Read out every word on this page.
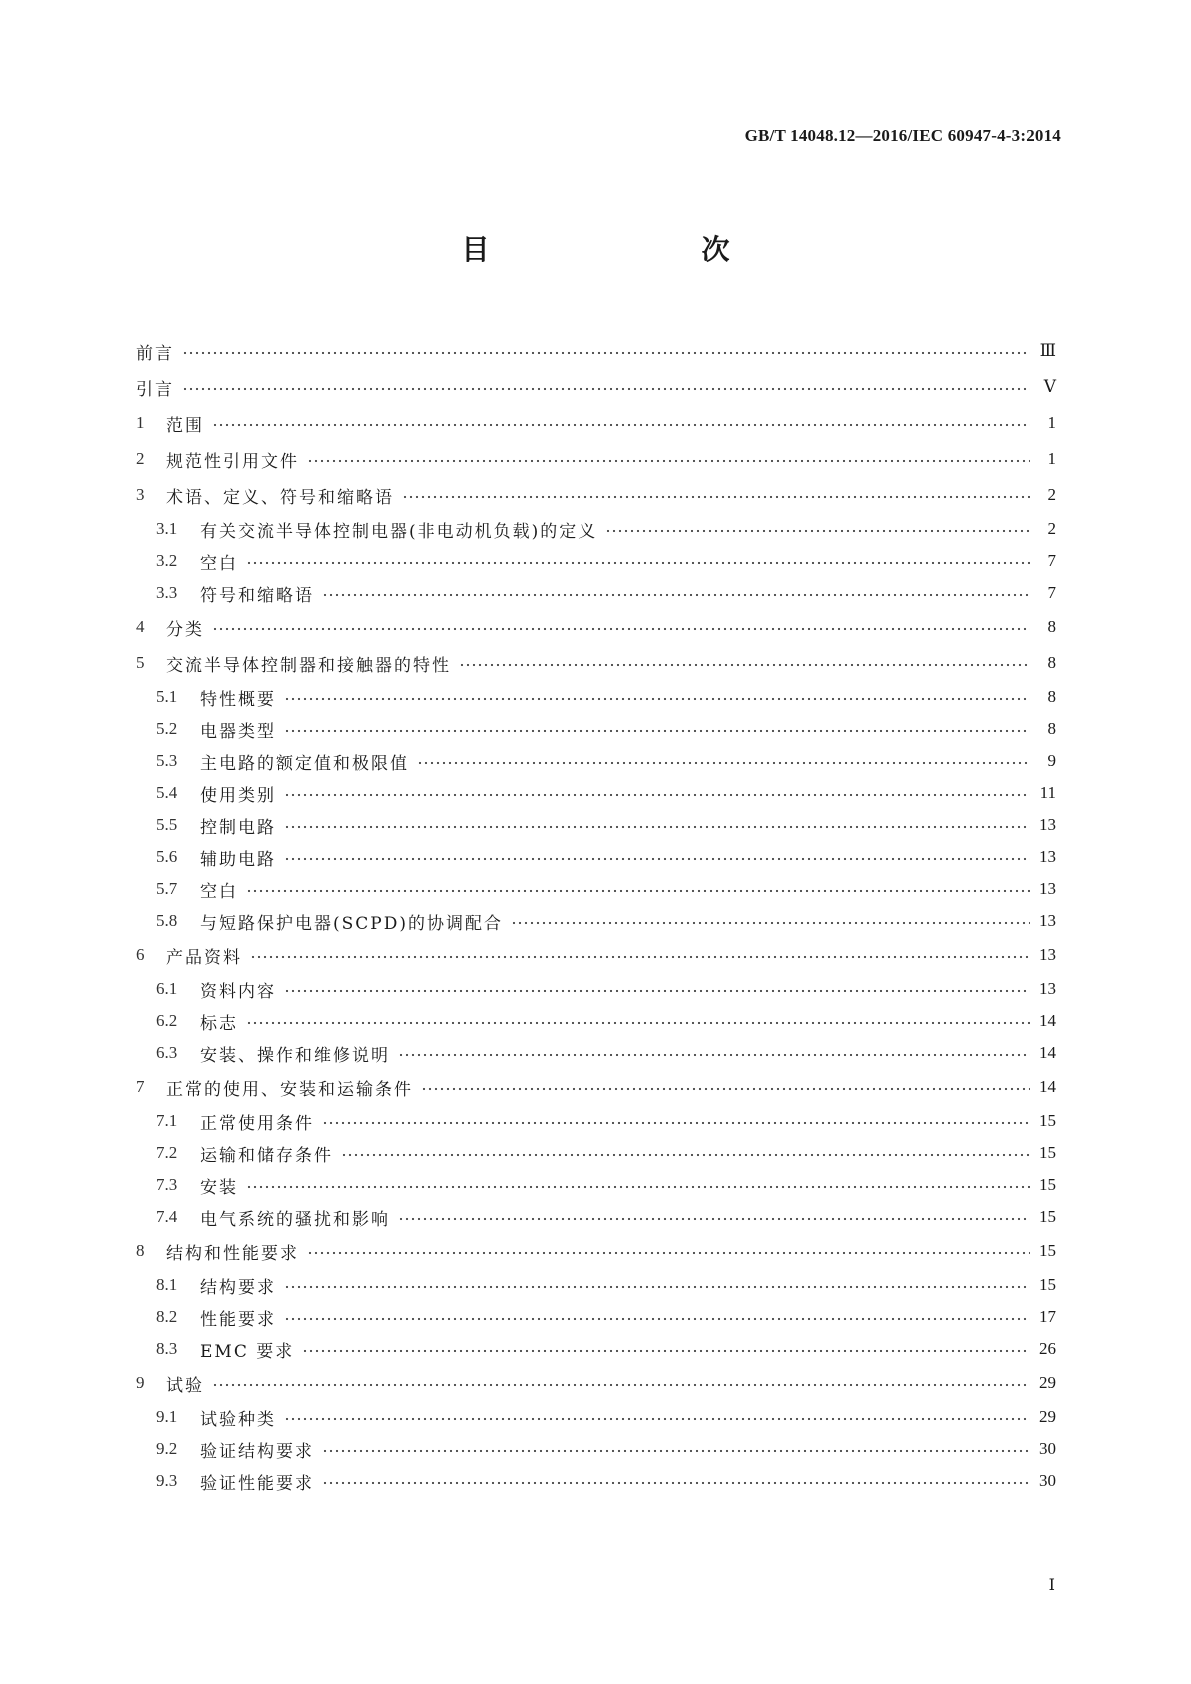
GB/T 14048.12—2016/IEC 60947-4-3:2014
目　　次
前言	Ⅲ
引言	Ⅴ
1	范围	1
2	规范性引用文件	1
3	术语、定义、符号和缩略语	2
3.1	有关交流半导体控制电器(非电动机负载)的定义	2
3.2	空白	7
3.3	符号和缩略语	7
4	分类	8
5	交流半导体控制器和接触器的特性	8
5.1	特性概要	8
5.2	电器类型	8
5.3	主电路的额定值和极限值	9
5.4	使用类别	11
5.5	控制电路	13
5.6	辅助电路	13
5.7	空白	13
5.8	与短路保护电器(SCPD)的协调配合	13
6	产品资料	13
6.1	资料内容	13
6.2	标志	14
6.3	安装、操作和维修说明	14
7	正常的使用、安装和运输条件	14
7.1	正常使用条件	15
7.2	运输和储存条件	15
7.3	安装	15
7.4	电气系统的骚扰和影响	15
8	结构和性能要求	15
8.1	结构要求	15
8.2	性能要求	17
8.3	EMC 要求	26
9	试验	29
9.1	试验种类	29
9.2	验证结构要求	30
9.3	验证性能要求	30
Ⅰ
